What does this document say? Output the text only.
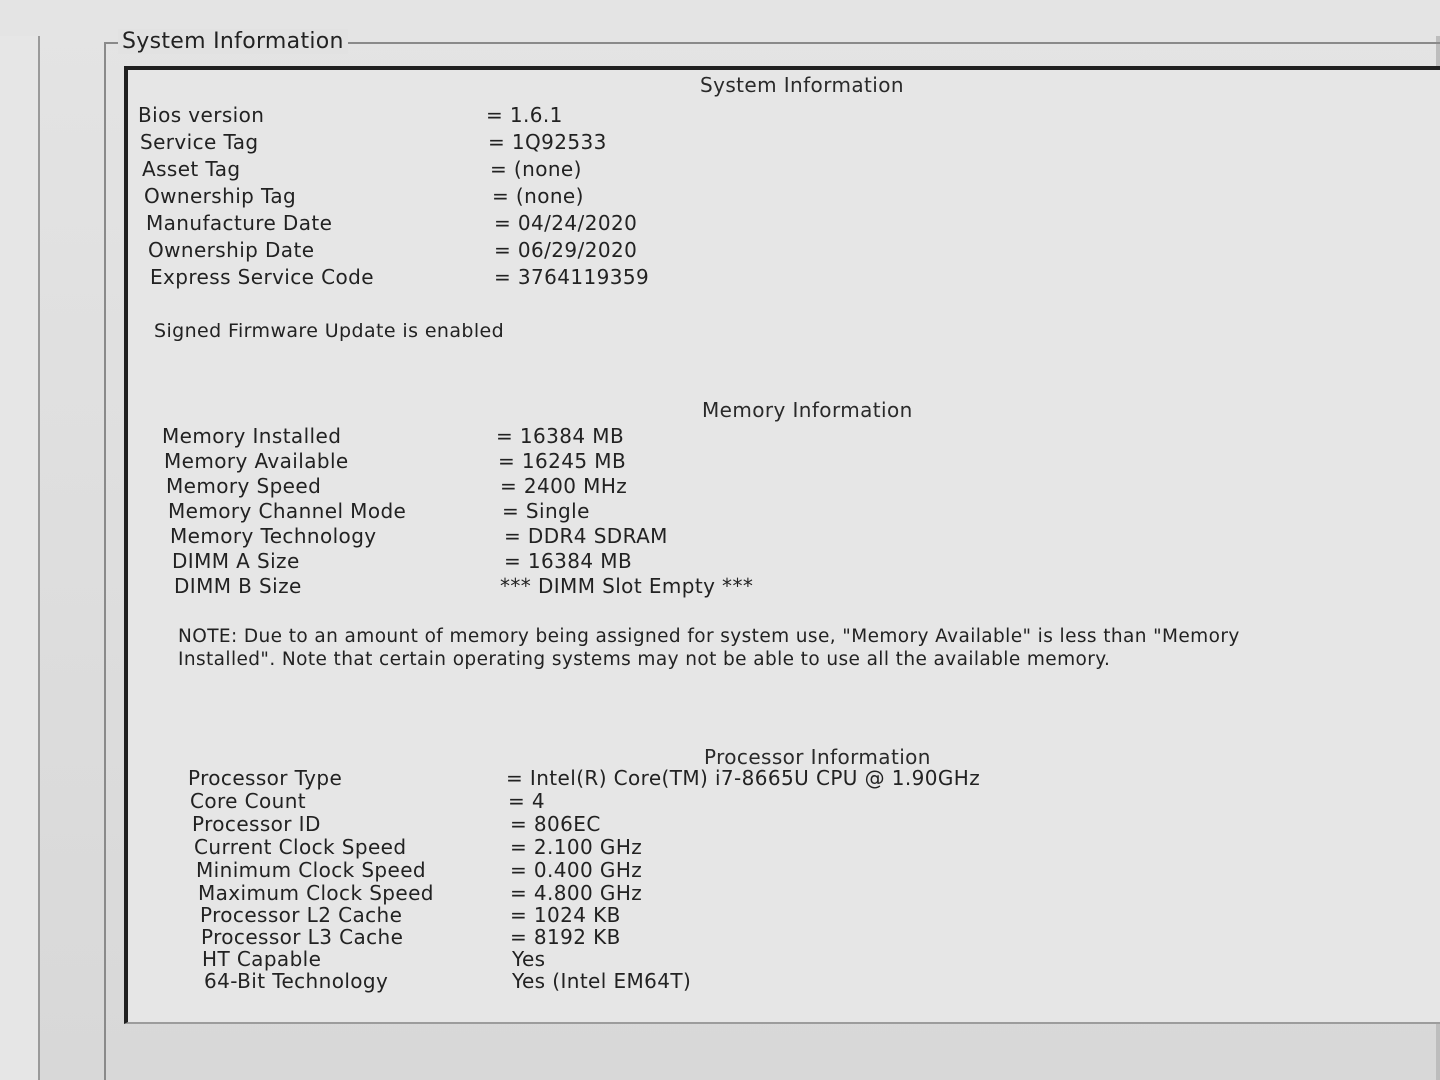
System Information
System Information
Bios version	= 1.6.1
Service Tag	= 1Q92533
Asset Tag	= (none)
Ownership Tag	= (none)
Manufacture Date	= 04/24/2020
Ownership Date	= 06/29/2020
Express Service Code	= 3764119359
Signed Firmware Update is enabled
Memory Information
Memory Installed	= 16384 MB
Memory Available	= 16245 MB
Memory Speed	= 2400 MHz
Memory Channel Mode	= Single
Memory Technology	= DDR4 SDRAM
DIMM A Size	= 16384 MB
DIMM B Size	*** DIMM Slot Empty ***
NOTE: Due to an amount of memory being assigned for system use, "Memory Available" is less than "Memory Installed". Note that certain operating systems may not be able to use all the available memory.
Processor Information
Processor Type	= Intel(R) Core(TM) i7-8665U CPU @ 1.90GHz
Core Count	= 4
Processor ID	= 806EC
Current Clock Speed	= 2.100 GHz
Minimum Clock Speed	= 0.400 GHz
Maximum Clock Speed	= 4.800 GHz
Processor L2 Cache	= 1024 KB
Processor L3 Cache	= 8192 KB
HT Capable	Yes
64-Bit Technology	Yes (Intel EM64T)
